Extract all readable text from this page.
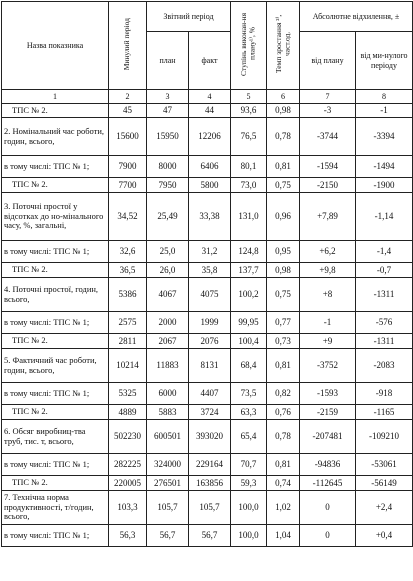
Назва показника	Минулий період	Звітний період		Ступінь виконан-ня плану¹⁾, %	Темп зростання ²⁾, част.од.	Абсолютне відхилення, ±	
		план	факт			від плану	від ми-нулого періоду
1	2	3	4	5	6	7	8
ТПС № 2.	45	47	44	93,6	0,98	-3	-1
2. Номінальний час роботи, годин, всього,	15600	15950	12206	76,5	0,78	-3744	-3394
в тому числі: ТПС № 1;	7900	8000	6406	80,1	0,81	-1594	-1494
ТПС № 2.	7700	7950	5800	73,0	0,75	-2150	-1900
3. Поточні простої у відсотках до но-мінального часу, %, загальні,	34,52	25,49	33,38	131,0	0,96	+7,89	-1,14
в тому числі: ТПС № 1;	32,6	25,0	31,2	124,8	0,95	+6,2	-1,4
ТПС № 2.	36,5	26,0	35,8	137,7	0,98	+9,8	-0,7
4. Поточні простої, годин, всього,	5386	4067	4075	100,2	0,75	+8	-1311
в тому числі: ТПС № 1;	2575	2000	1999	99,95	0,77	-1	-576
ТПС № 2.	2811	2067	2076	100,4	0,73	+9	-1311
5. Фактичний час роботи, годин, всього,	10214	11883	8131	68,4	0,81	-3752	-2083
в тому числі: ТПС № 1;	5325	6000	4407	73,5	0,82	-1593	-918
ТПС № 2.	4889	5883	3724	63,3	0,76	-2159	-1165
6. Обсяг виробниц-тва труб, тис. т, всього,	502230	600501	393020	65,4	0,78	-207481	-109210
в тому числі: ТПС № 1;	282225	324000	229164	70,7	0,81	-94836	-53061
ТПС № 2.	220005	276501	163856	59,3	0,74	-112645	-56149
7. Технічна норма продуктивності, т/годин, всього,	103,3	105,7	105,7	100,0	1,02	0	+2,4
в тому числі: ТПС № 1;	56,3	56,7	56,7	100,0	1,04	0	+0,4
